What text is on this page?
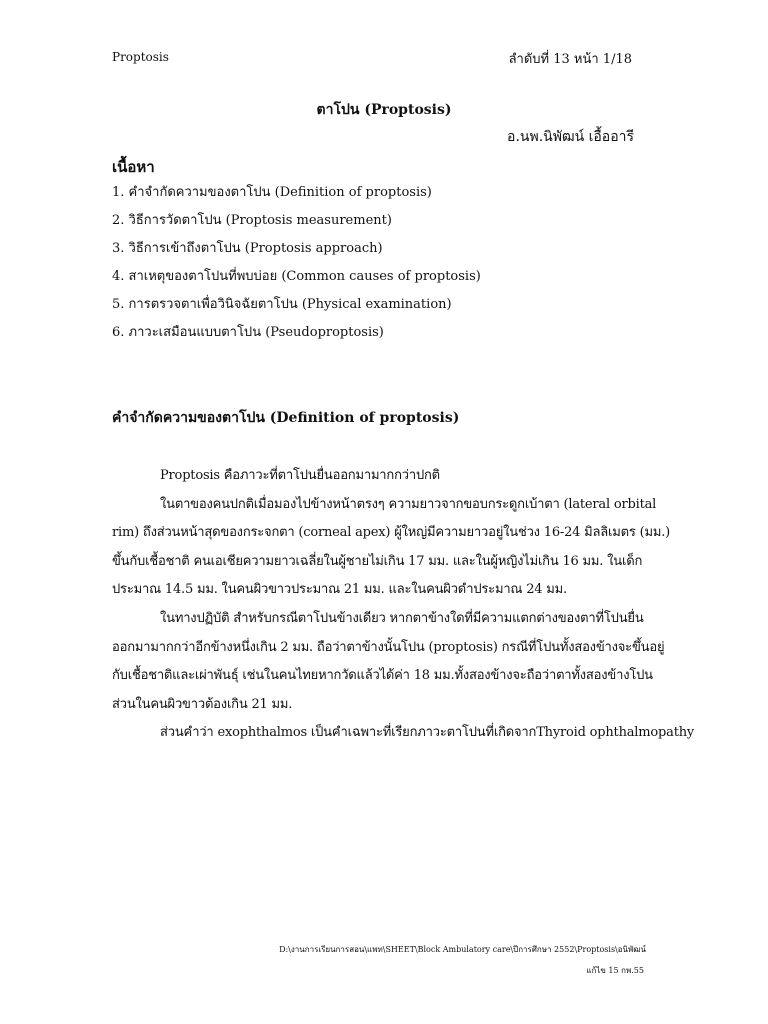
Proptosis	ลำดับที่ 13 หน้า 1/18
ตาโปน (Proptosis)
อ.นพ.นิพัฒน์ เอื้ออารี
เนื้อหา
1. คำจำกัดความของตาโปน (Definition of proptosis)
2. วิธีการวัดตาโปน (Proptosis measurement)
3. วิธีการเข้าถึงตาโปน (Proptosis approach)
4. สาเหตุของตาโปนที่พบบ่อย (Common causes of proptosis)
5. การตรวจตาเพื่อวินิจฉัยตาโปน (Physical examination)
6. ภาวะเสมือนแบบตาโปน (Pseudoproptosis)
คำจำกัดความของตาโปน (Definition of proptosis)

Proptosis คือภาวะที่ตาโปนยื่นออกมามากกว่าปกติ

ในตาของคนปกติเมื่อมองไปข้างหน้าตรงๆ ความยาวจากขอบกระดูกเบ้าตา (lateral orbital
rim) ถึงส่วนหน้าสุดของกระจกตา (corneal apex) ผู้ใหญ่มีความยาวอยู่ในช่วง 16-24 มิลลิเมตร (มม.)
ขึ้นกับเชื้อชาติ คนเอเชียความยาวเฉลี่ยในผู้ชายไม่เกิน 17 มม. และในผู้หญิงไม่เกิน 16 มม. ในเด็ก
ประมาณ 14.5 มม. ในคนผิวขาวประมาณ 21 มม. และในคนผิวดำประมาณ 24 มม.

ในทางปฏิบัติ สำหรับกรณีตาโปนข้างเดียว หากตาข้างใดที่มีความแตกต่างของตาที่โปนยื่น
ออกมามากกว่าอีกข้างหนึ่งเกิน 2 มม. ถือว่าตาข้างนั้นโปน (proptosis) กรณีที่โปนทั้งสองข้างจะขึ้นอยู่
กับเชื้อชาติและเผ่าพันธุ์ เช่นในคนไทยหากวัดแล้วได้ค่า 18 มม.ทั้งสองข้างจะถือว่าตาทั้งสองข้างโปน
ส่วนในคนผิวขาวต้องเกิน 21 มม.

ส่วนคำว่า exophthalmos เป็นคำเฉพาะที่เรียกภาวะตาโปนที่เกิดจากThyroid ophthalmopathy

D:\งานการเรียนการสอน\แพท\SHEET\Block Ambulatory care\ปีการศึกษา 2552\Proptosis\อนิพัฒน์
แก้ไข 15 กพ.55
